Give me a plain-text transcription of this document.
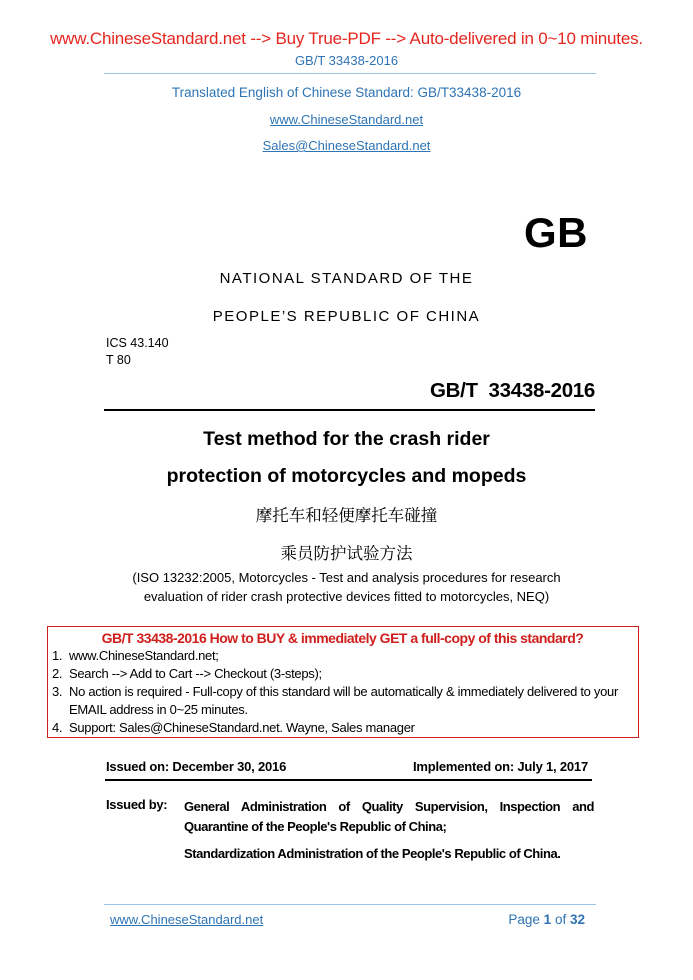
www.ChineseStandard.net --> Buy True-PDF --> Auto-delivered in 0~10 minutes.
GB/T 33438-2016
Translated English of Chinese Standard: GB/T33438-2016
www.ChineseStandard.net
Sales@ChineseStandard.net
GB
NATIONAL STANDARD OF THE
PEOPLE’S REPUBLIC OF CHINA
ICS 43.140
T 80
GB/T  33438-2016
Test method for the crash rider
protection of motorcycles and mopeds
摩托车和轻便摩托车碰撞
乘员防护试验方法
(ISO 13232:2005, Motorcycles - Test and analysis procedures for research
evaluation of rider crash protective devices fitted to motorcycles, NEQ)
GB/T 33438-2016 How to BUY & immediately GET a full-copy of this standard?
1. www.ChineseStandard.net;
2. Search --> Add to Cart --> Checkout (3-steps);
3. No action is required - Full-copy of this standard will be automatically & immediately delivered to your EMAIL address in 0~25 minutes.
4. Support: Sales@ChineseStandard.net. Wayne, Sales manager
Issued on: December 30, 2016	Implemented on: July 1, 2017
Issued by:	General Administration of Quality Supervision, Inspection and Quarantine of the People's Republic of China;

Standardization Administration of the People's Republic of China.

www.ChineseStandard.net	Page 1 of 32
